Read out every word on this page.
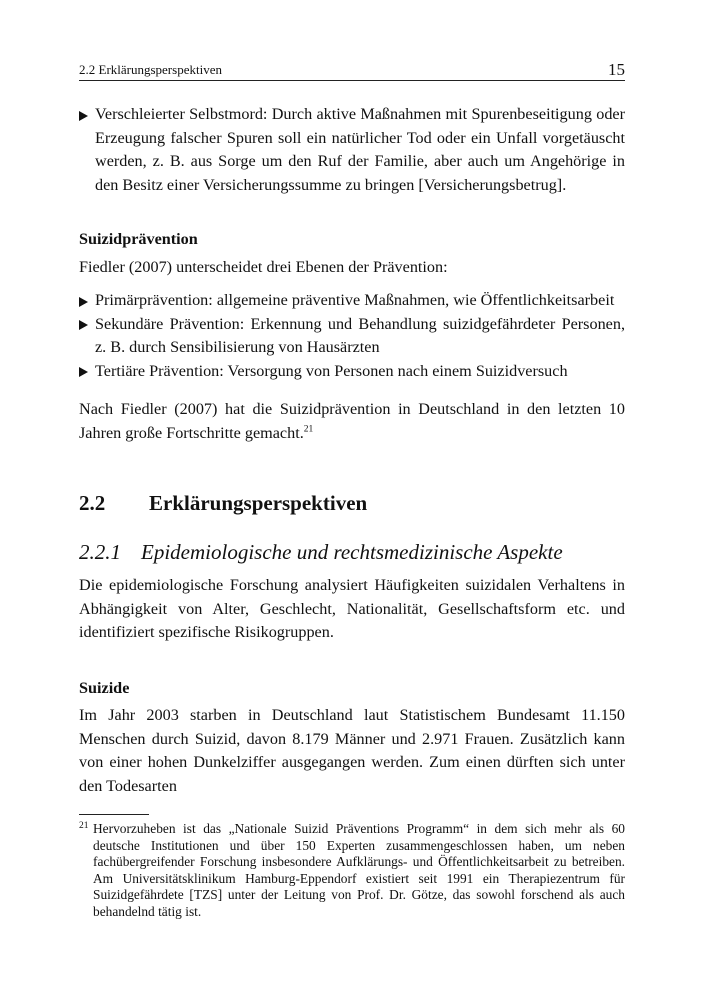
2.2 Erklärungsperspektiven	15
Verschleierter Selbstmord: Durch aktive Maßnahmen mit Spurenbeseitigung oder Erzeugung falscher Spuren soll ein natürlicher Tod oder ein Unfall vorgetäuscht werden, z. B. aus Sorge um den Ruf der Familie, aber auch um Angehörige in den Besitz einer Versicherungssumme zu bringen [Versicherungsbetrug].
Suizidprävention

Fiedler (2007) unterscheidet drei Ebenen der Prävention:

Primärprävention: allgemeine präventive Maßnahmen, wie Öffentlichkeitsarbeit
Sekundäre Prävention: Erkennung und Behandlung suizidgefährdeter Personen, z. B. durch Sensibilisierung von Hausärzten
Tertiäre Prävention: Versorgung von Personen nach einem Suizidversuch

Nach Fiedler (2007) hat die Suizidprävention in Deutschland in den letzten 10 Jahren große Fortschritte gemacht.$^{21}$

2.2 Erklärungsperspektiven
2.2.1 Epidemiologische und rechtsmedizinische Aspekte

Die epidemiologische Forschung analysiert Häufigkeiten suizidalen Verhaltens in Abhängigkeit von Alter, Geschlecht, Nationalität, Gesellschaftsform etc. und identifiziert spezifische Risikogruppen.

Suizide

Im Jahr 2003 starben in Deutschland laut Statistischem Bundesamt 11.150 Menschen durch Suizid, davon 8.179 Männer und 2.971 Frauen. Zusätzlich kann von einer hohen Dunkelziffer ausgegangen werden. Zum einen dürften sich unter den Todesarten

21 Hervorzuheben ist das „Nationale Suizid Präventions Programm“ in dem sich mehr als 60 deutsche Institutionen und über 150 Experten zusammengeschlossen haben, um neben fachübergreifender Forschung insbesondere Aufklärungs- und Öffentlichkeitsarbeit zu betreiben. Am Universitätsklinikum Hamburg-Eppendorf existiert seit 1991 ein Therapiezentrum für Suizidgefährdete [TZS] unter der Leitung von Prof. Dr. Götze, das sowohl forschend als auch behandelnd tätig ist.
